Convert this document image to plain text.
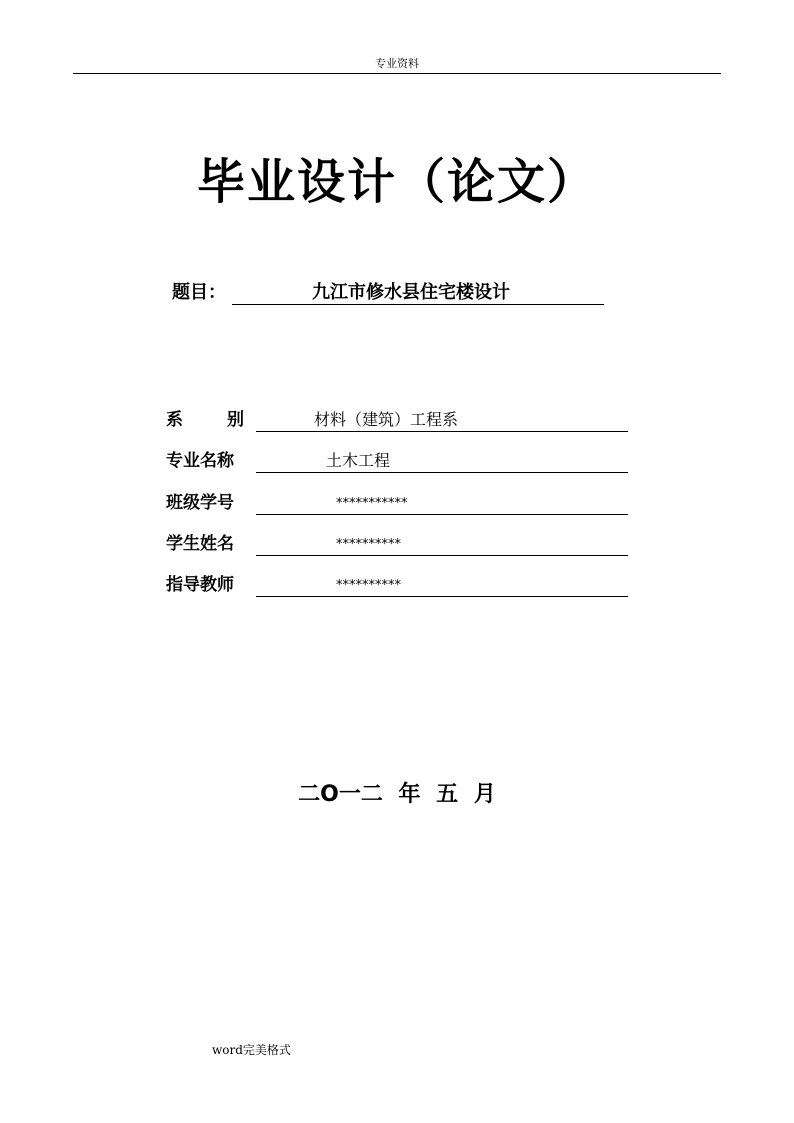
专业资料
毕业设计（论文）
题目：	九江市修水县住宅楼设计
系	别	材料（建筑）工程系
专业名称	土木工程
班级学号	***********
学生姓名	**********
指导教师	**********
二O一二 年 五 月
word完美格式
